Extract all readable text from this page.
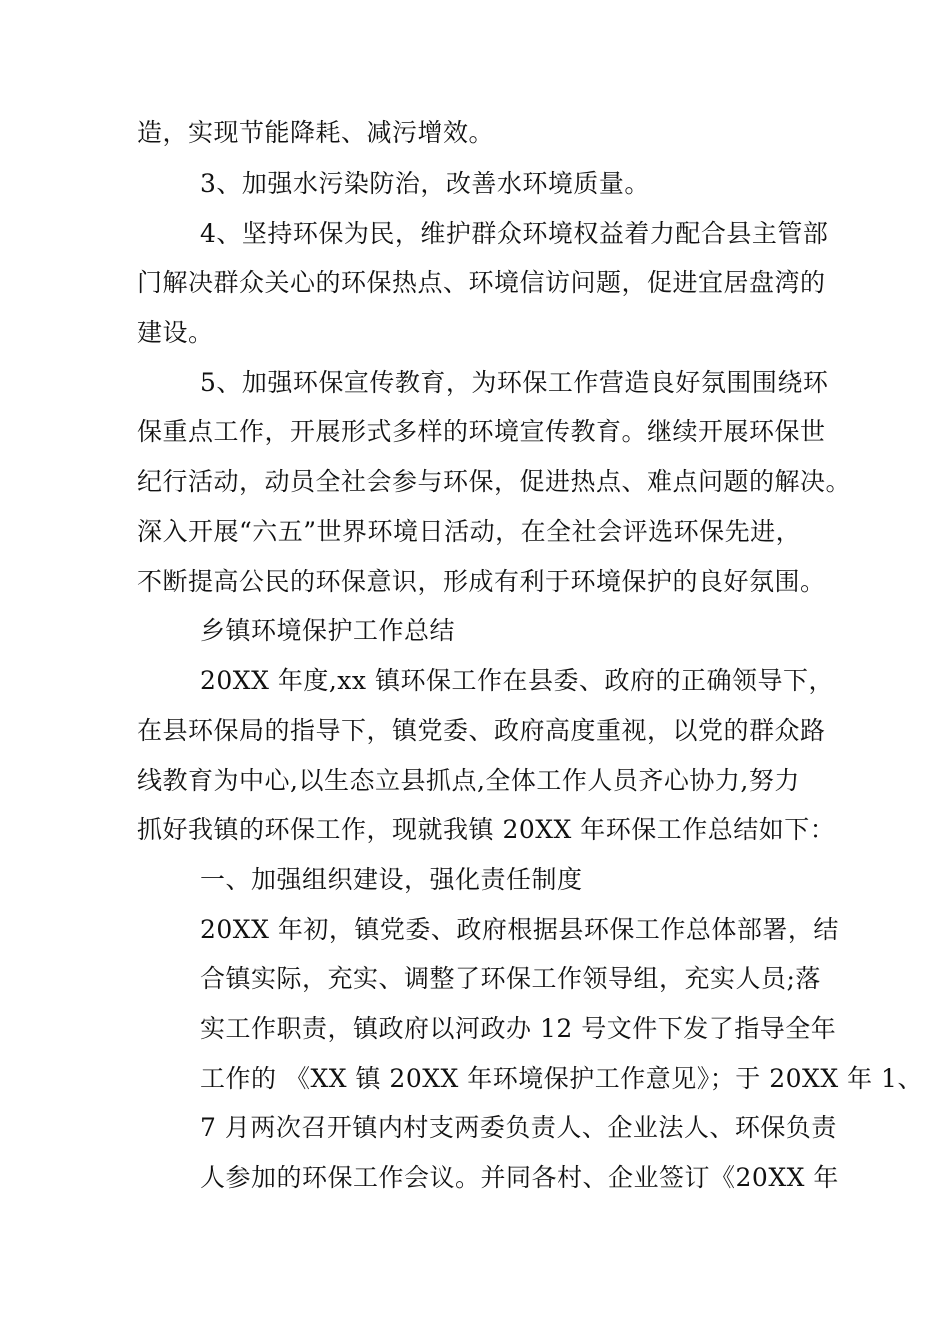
造，实现节能降耗、减污增效。
3、加强水污染防治，改善水环境质量。
4、坚持环保为民，维护群众环境权益着力配合县主管部
门解决群众关心的环保热点、环境信访问题，促进宜居盘湾的
建设。
5、加强环保宣传教育，为环保工作营造良好氛围围绕环
保重点工作，开展形式多样的环境宣传教育。继续开展环保世
纪行活动，动员全社会参与环保，促进热点、难点问题的解决。
深入开展“六五”世界环境日活动，在全社会评选环保先进，
不断提高公民的环保意识，形成有利于环境保护的良好氛围。
乡镇环境保护工作总结
20XX 年度,xx 镇环保工作在县委、政府的正确领导下，
在县环保局的指导下，镇党委、政府高度重视，以党的群众路
线教育为中心,以生态立县抓点,全体工作人员齐心协力,努力
抓好我镇的环保工作，现就我镇 20XX 年环保工作总结如下：
一、加强组织建设，强化责任制度
20XX 年初，镇党委、政府根据县环保工作总体部署，结
合镇实际，充实、调整了环保工作领导组，充实人员;落
实工作职责，镇政府以河政办 12 号文件下发了指导全年
工作的 《XX 镇 20XX 年环境保护工作意见》；于 20XX 年 1、
7 月两次召开镇内村支两委负责人、企业法人、环保负责
人参加的环保工作会议。并同各村、企业签订《20XX 年
